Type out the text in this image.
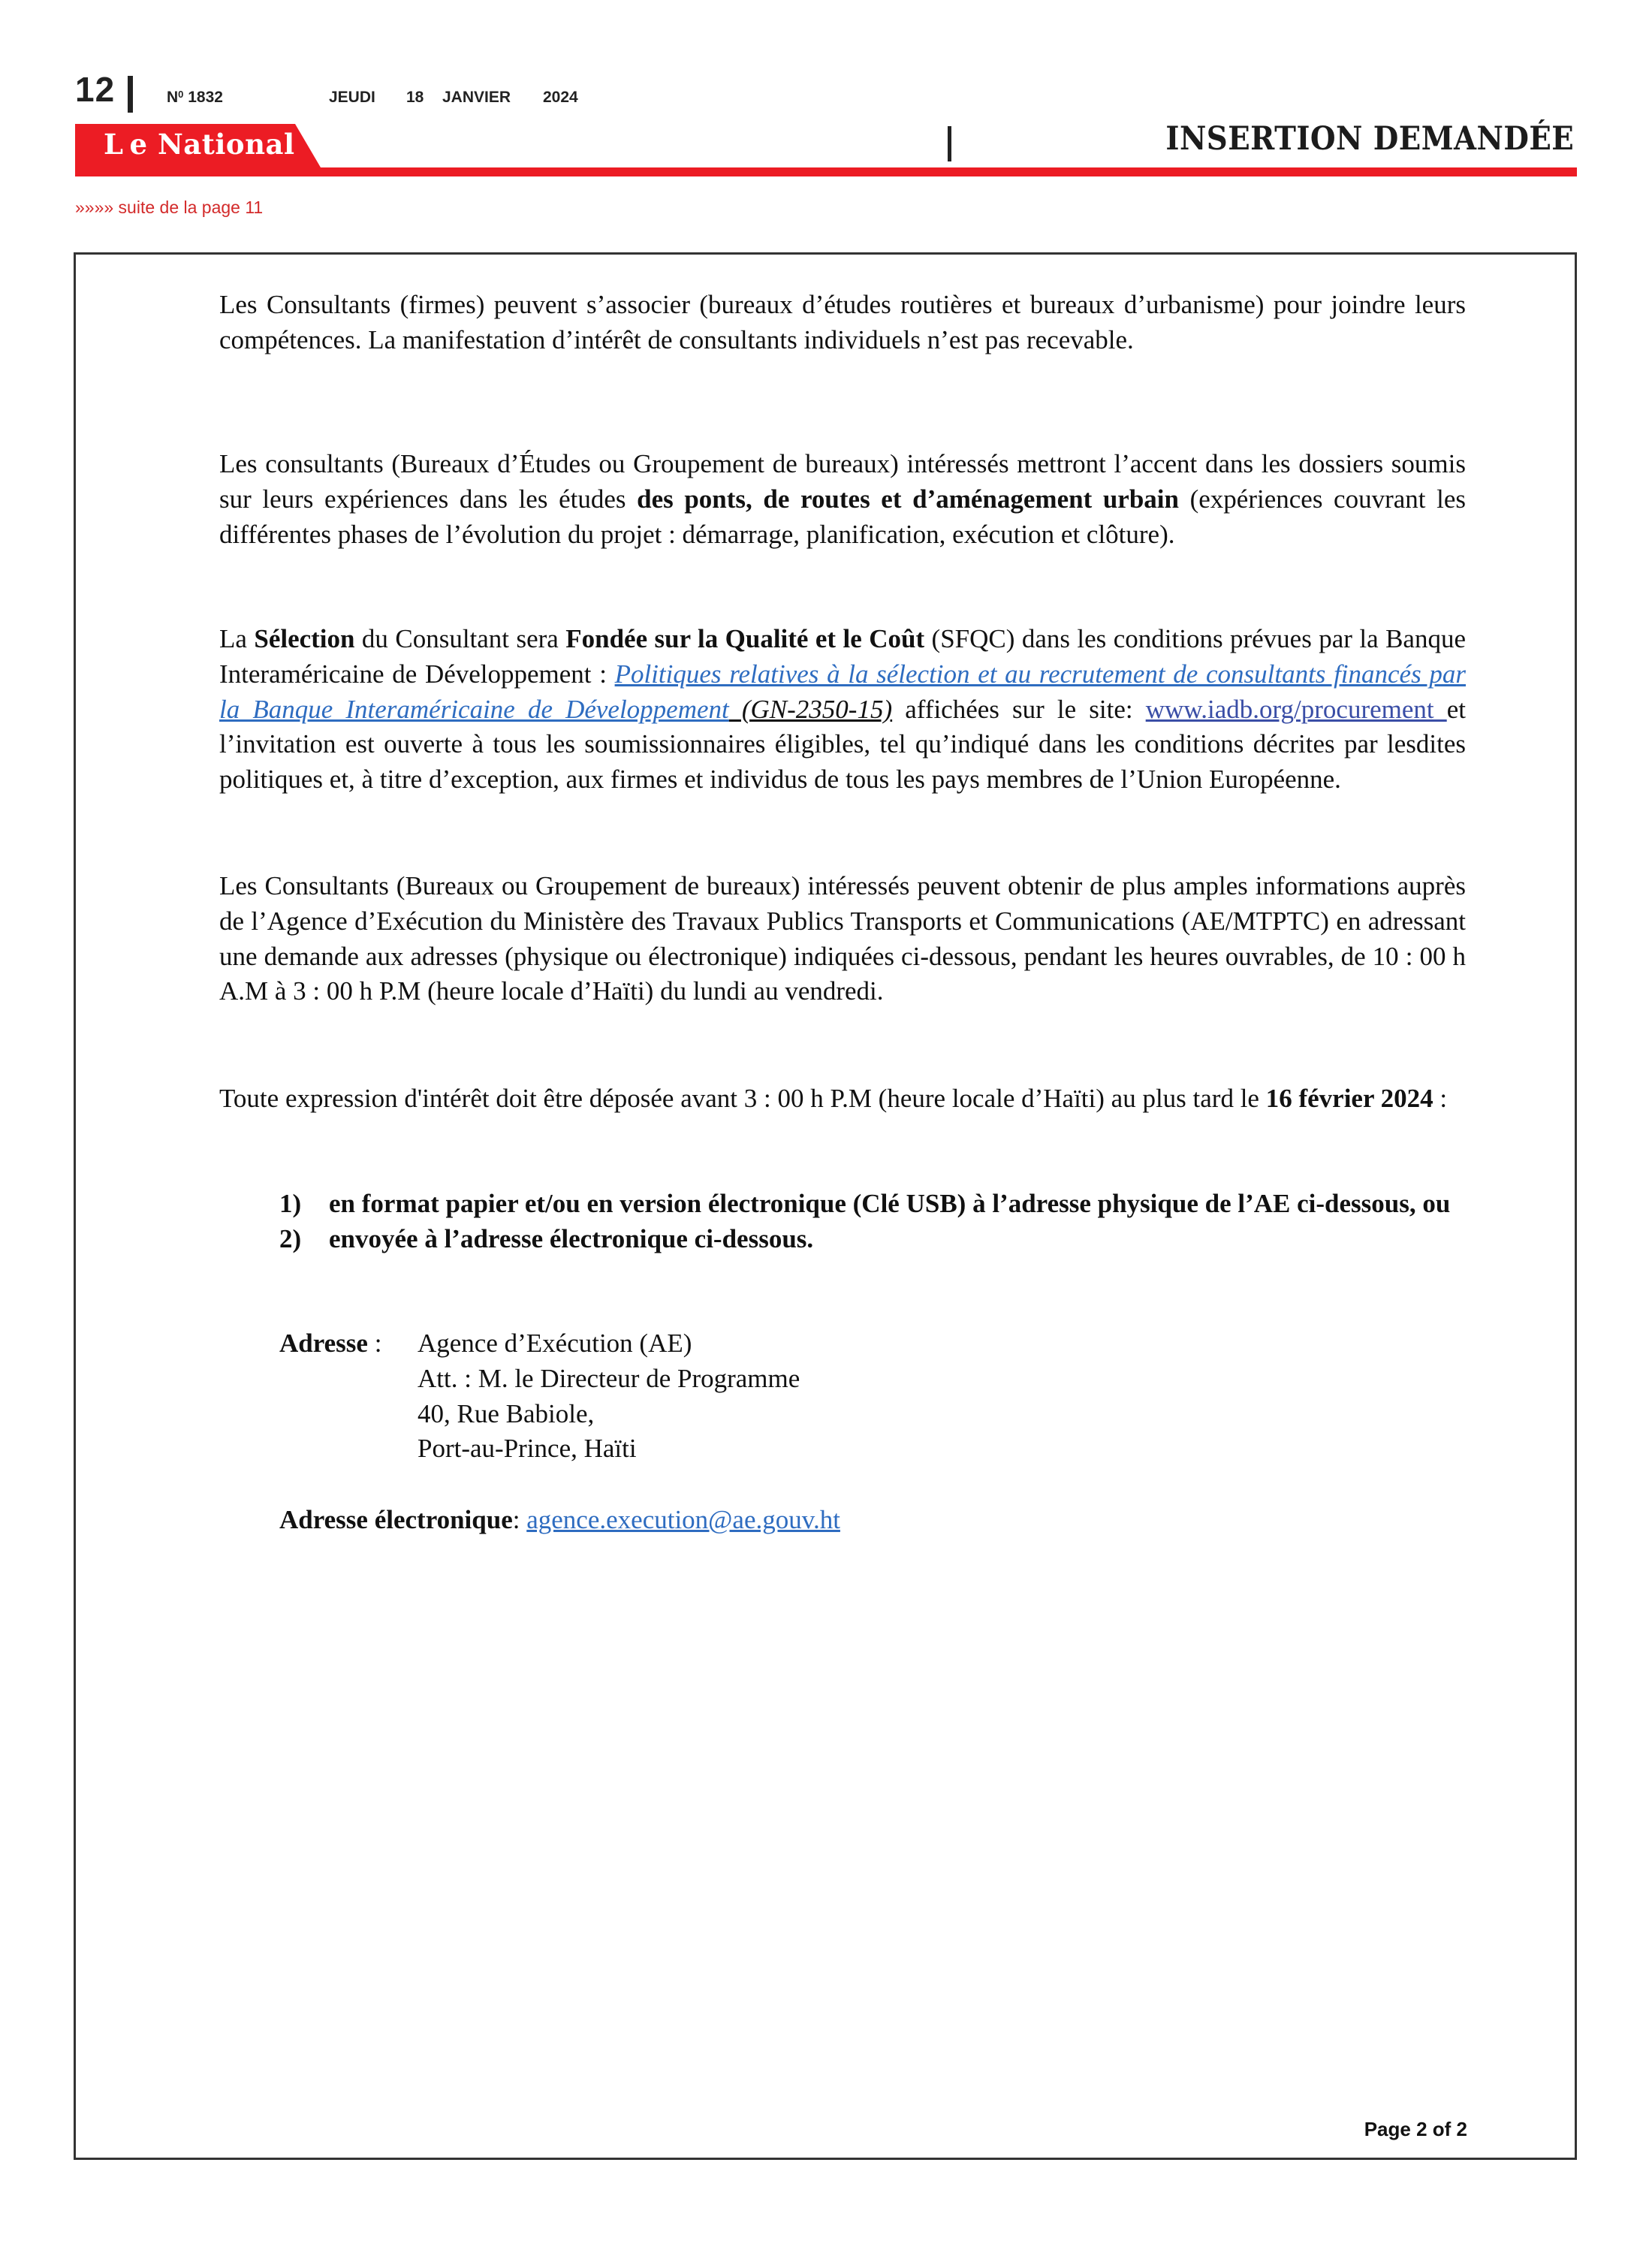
12	$N^0$ 1832	JEUDI 18 JANVIER 2024
L e National	INSERTION DEMANDÉE
»»»» suite de la page 11

Les Consultants (firmes) peuvent s’associer (bureaux d’études routières et bureaux d’urbanisme) pour joindre leurs compétences. La manifestation d’intérêt de consultants individuels n’est pas recevable.

Les consultants (Bureaux d’Études ou Groupement de bureaux) intéressés mettront l’accent dans les dossiers soumis sur leurs expériences dans les études des ponts, de routes et d’aménagement urbain (expériences couvrant les différentes phases de l’évolution du projet : démarrage, planification, exécution et clôture).

La Sélection du Consultant sera Fondée sur la Qualité et le Coût (SFQC) dans les conditions prévues par la Banque Interaméricaine de Développement : Politiques relatives à la sélection et au recrutement de consultants financés par la Banque Interaméricaine de Développement (GN-2350-15) affichées sur le site: www.iadb.org/procurement et l’invitation est ouverte à tous les soumissionnaires éligibles, tel qu’indiqué dans les conditions décrites par lesdites politiques et, à titre d’exception, aux firmes et individus de tous les pays membres de l’Union Européenne.

Les Consultants (Bureaux ou Groupement de bureaux) intéressés peuvent obtenir de plus amples informations auprès de l’Agence d’Exécution du Ministère des Travaux Publics Transports et Communications (AE/MTPTC) en adressant une demande aux adresses (physique ou électronique) indiquées ci-dessous, pendant les heures ouvrables, de 10 : 00 h A.M à 3 : 00 h P.M (heure locale d’Haïti) du lundi au vendredi.

Toute expression d'intérêt doit être déposée avant 3 : 00 h P.M (heure locale d’Haïti) au plus tard le 16 février 2024 :

1) en format papier et/ou en version électronique (Clé USB) à l’adresse physique de l’AE ci-dessous, ou
2) envoyée à l’adresse électronique ci-dessous.
Adresse : Agence d’Exécution (AE)
Att. : M. le Directeur de Programme
40, Rue Babiole,
Port-au-Prince, Haïti
Adresse électronique: agence.execution@ae.gouv.ht
Page 2 of 2
